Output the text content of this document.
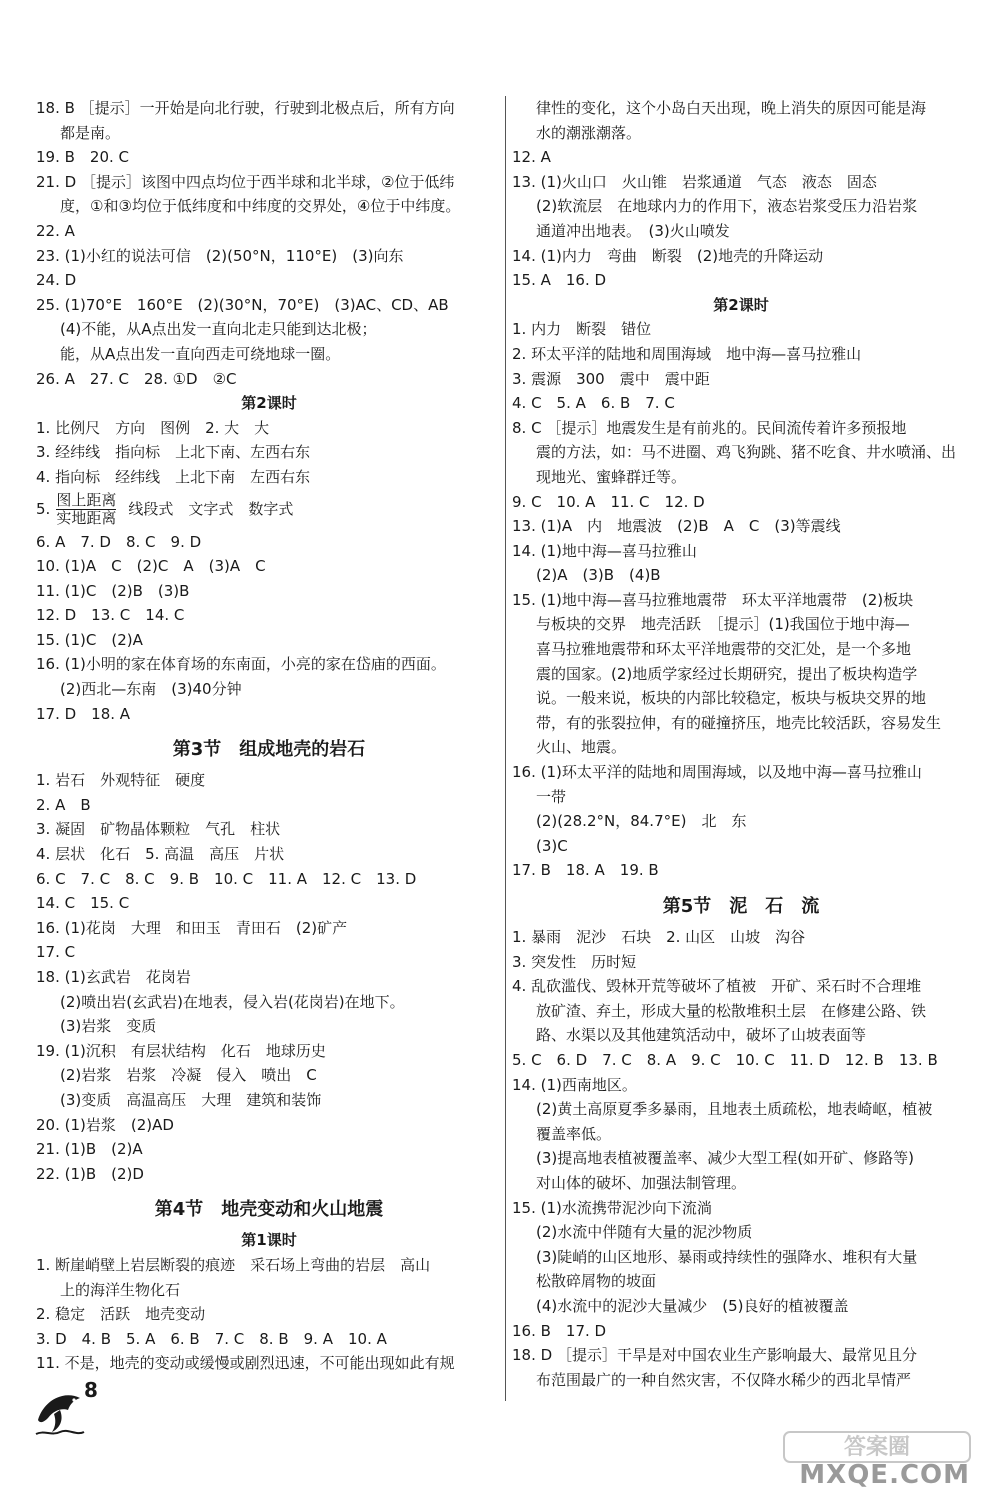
18. B ［提示］一开始是向北行驶，行驶到北极点后，所有方向
都是南。
19. B　20. C
21. D ［提示］该图中四点均位于西半球和北半球，②位于低纬
度，①和③均位于低纬度和中纬度的交界处，④位于中纬度。
22. A
23. (1)小红的说法可信　(2)(50°N，110°E)　(3)向东
24. D
25. (1)70°E　160°E　(2)(30°N，70°E)　(3)AC、CD、AB
(4)不能，从A点出发一直向北走只能到达北极；
能，从A点出发一直向西走可绕地球一圈。
26. A　27. C　28. ①D　②C
第2课时
1. 比例尺　方向　图例　2. 大　大
3. 经纬线　指向标　上北下南、左西右东
4. 指向标　经纬线　上北下南　左西右东
5. $\frac{\text{图上距离}}{\text{实地距离}}$ 线段式　文字式　数字式
6. A　7. D　8. C　9. D
10. (1)A　C　(2)C　A　(3)A　C
11. (1)C　(2)B　(3)B
12. D　13. C　14. C
15. (1)C　(2)A
16. (1)小明的家在体育场的东南面，小亮的家在岱庙的西面。
(2)西北—东南　(3)40分钟
17. D　18. A
第3节　组成地壳的岩石
1. 岩石　外观特征　硬度
2. A　B
3. 凝固　矿物晶体颗粒　气孔　柱状
4. 层状　化石　5. 高温　高压　片状
6. C　7. C　8. C　9. B　10. C　11. A　12. C　13. D
14. C　15. C
16. (1)花岗　大理　和田玉　青田石　(2)矿产
17. C
18. (1)玄武岩　花岗岩
(2)喷出岩(玄武岩)在地表，侵入岩(花岗岩)在地下。
(3)岩浆　变质
19. (1)沉积　有层状结构　化石　地球历史
(2)岩浆　岩浆　冷凝　侵入　喷出　C
(3)变质　高温高压　大理　建筑和装饰
20. (1)岩浆　(2)AD
21. (1)B　(2)A
22. (1)B　(2)D
第4节　地壳变动和火山地震
第1课时
1. 断崖峭壁上岩层断裂的痕迹　采石场上弯曲的岩层　高山
上的海洋生物化石
2. 稳定　活跃　地壳变动
3. D　4. B　5. A　6. B　7. C　8. B　9. A　10. A
11. 不是，地壳的变动或缓慢或剧烈迅速，不可能出现如此有规
律性的变化，这个小岛白天出现，晚上消失的原因可能是海
水的潮涨潮落。
12. A
13. (1)火山口　火山锥　岩浆通道　气态　液态　固态
(2)软流层　在地球内力的作用下，液态岩浆受压力沿岩浆
通道冲出地表。　(3)火山喷发
14. (1)内力　弯曲　断裂　(2)地壳的升降运动
15. A　16. D
第2课时
1. 内力　断裂　错位
2. 环太平洋的陆地和周围海域　地中海—喜马拉雅山
3. 震源　300　震中　震中距
4. C　5. A　6. B　7. C
8. C ［提示］地震发生是有前兆的。民间流传着许多预报地
震的方法，如：马不进圈、鸡飞狗跳、猪不吃食、井水喷涌、出
现地光、蜜蜂群迁等。
9. C　10. A　11. C　12. D
13. (1)A　内　地震波　(2)B　A　C　(3)等震线
14. (1)地中海—喜马拉雅山
(2)A　(3)B　(4)B
15. (1)地中海—喜马拉雅地震带　环太平洋地震带　(2)板块
与板块的交界　地壳活跃　［提示］(1)我国位于地中海—
喜马拉雅地震带和环太平洋地震带的交汇处，是一个多地
震的国家。(2)地质学家经过长期研究，提出了板块构造学
说。一般来说，板块的内部比较稳定，板块与板块交界的地
带，有的张裂拉伸，有的碰撞挤压，地壳比较活跃，容易发生
火山、地震。
16. (1)环太平洋的陆地和周围海域，以及地中海—喜马拉雅山
一带
(2)(28.2°N，84.7°E)　北　东
(3)C
17. B　18. A　19. B
第5节　泥　石　流
1. 暴雨　泥沙　石块　2. 山区　山坡　沟谷
3. 突发性　历时短
4. 乱砍滥伐、毁林开荒等破坏了植被　开矿、采石时不合理堆
放矿渣、弃土，形成大量的松散堆积土层　在修建公路、铁
路、水渠以及其他建筑活动中，破坏了山坡表面等
5. C　6. D　7. C　8. A　9. C　10. C　11. D　12. B　13. B
14. (1)西南地区。
(2)黄土高原夏季多暴雨，且地表土质疏松，地表崎岖，植被
覆盖率低。
(3)提高地表植被覆盖率、减少大型工程(如开矿、修路等)
对山体的破坏、加强法制管理。
15. (1)水流携带泥沙向下流淌
(2)水流中伴随有大量的泥沙物质
(3)陡峭的山区地形、暴雨或持续性的强降水、堆积有大量
松散碎屑物的坡面
(4)水流中的泥沙大量减少　(5)良好的植被覆盖
16. B　17. D
18. D ［提示］干旱是对中国农业生产影响最大、最常见且分
布范围最广的一种自然灾害，不仅降水稀少的西北旱情严
8
答案圈
MXQE.COM
